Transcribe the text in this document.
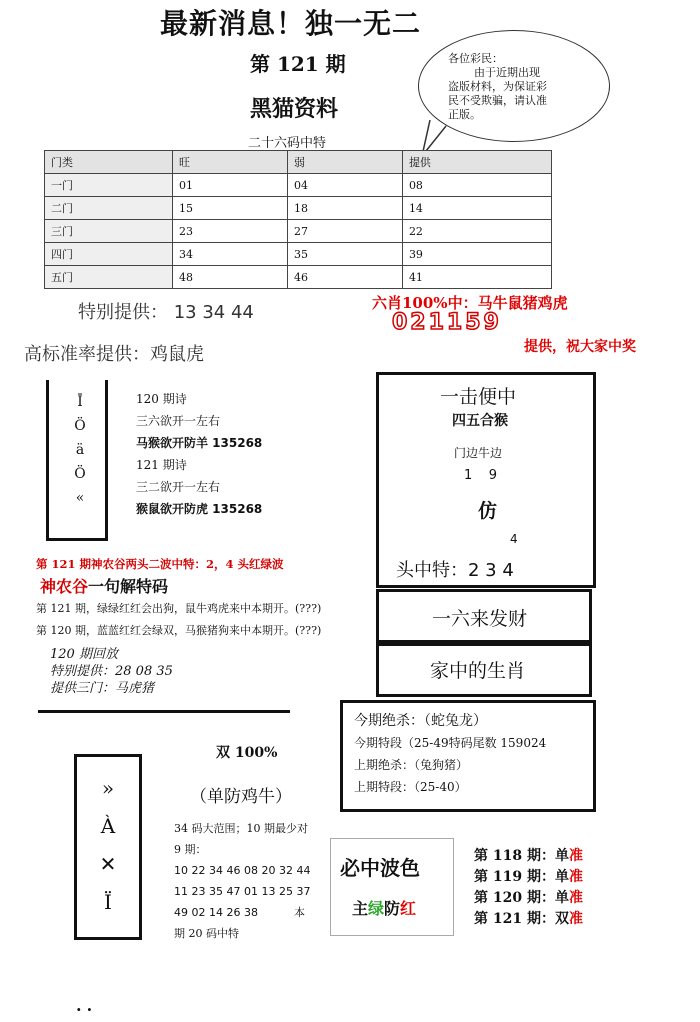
最新消息！独一无二
第 121 期
黑猫资料
各位彩民：
由于近期出现
盗版材料，为保证彩
民不受欺骗，请认准
正版。
二十六码中特
门类	旺	弱	提供
一门	01	04	08
二门	15	18	14
三门	23	27	22
四门	34	35	39
五门	48	46	41
特别提供： 13 34 44	六肖100%中：马牛鼠猪鸡虎
021159
高标准率提供：鸡鼠虎	提供，祝大家中奖
Ī
Ö
ä
Ö
«
120 期诗
三六欲开一左右
马猴欲开防羊 135268
121 期诗
三二欲开一左右
猴鼠欲开防虎 135268
一击便中
四五合猴
门边牛边
1    9
仿
4
头中特：2 3 4
一六来发财
家中的生肖
第 121 期神农谷两头二波中特：2，4 头红绿波
神农谷一句解特码
第 121 期，绿绿红红会出狗，鼠牛鸡虎来中本期开。(???)
第 120 期，蓝蓝红红会绿双，马猴猪狗来中本期开。(???)
120 期回放
特别提供：28 08 35
提供三门：马虎猪
»
À
✕
Ï
双 100%
（单防鸡牛）
34 码大范围；10 期最少对
9 期：
10 22 34 46 08 20 32 44
11 23 35 47 01 13 25 37
49 02 14 26 38
期 20 码中特
本
必中波色
主绿防红
今期绝杀：（蛇兔龙）
今期特段（25-49特码尾数 159024
上期绝杀：（兔狗猪）
上期特段：（25-40）
第 118 期：单准
第 119 期：单准
第 120 期：单准
第 121 期：双准
..
